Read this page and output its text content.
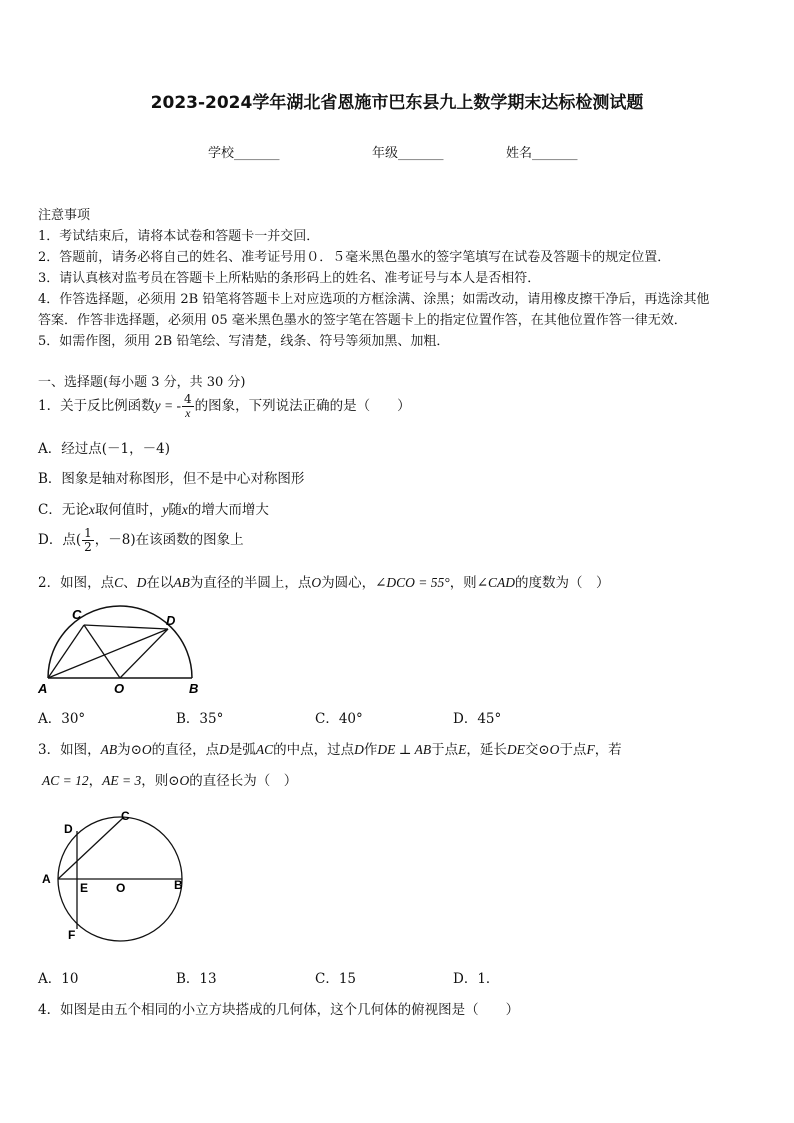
2023-2024学年湖北省恩施市巴东县九上数学期末达标检测试题
学校_______	年级_______	姓名_______
注意事项
1．考试结束后，请将本试卷和答题卡一并交回．
2．答题前，请务必将自己的姓名、准考证号用０．５毫米黑色墨水的签字笔填写在试卷及答题卡的规定位置．
3．请认真核对监考员在答题卡上所粘贴的条形码上的姓名、准考证号与本人是否相符．
4．作答选择题，必须用 2B 铅笔将答题卡上对应选项的方框涂满、涂黑；如需改动，请用橡皮擦干净后，再选涂其他
答案．作答非选择题，必须用 05 毫米黑色墨水的签字笔在答题卡上的指定位置作答，在其他位置作答一律无效．
5．如需作图，须用 2B 铅笔绘、写清楚，线条、符号等须加黑、加粗．
一、选择题(每小题 3 分，共 30 分)
1．关于反比例函数y = - $\frac{4}{x}$ 的图象，下列说法正确的是（　　）
A．经过点(－1，－4)
B．图象是轴对称图形，但不是中心对称图形
C．无论x取何值时，y随x的增大而增大
D．点( $\frac{1}{2}$ ，－8)在该函数的图象上
2．如图，点C、D在以AB为直径的半圆上，点O为圆心，∠DCO = 55°，则∠CAD的度数为（　）
A	B
C	D
O
A．30°	B．35°	C．40°	D．45°
3．如图，AB为⊙O的直径，点D是弧AC的中点，过点D作DE ⊥ AB于点E，延长DE交⊙O于点F，若
AC = 12，AE = 3，则⊙O的直径长为（　）
D
C
A
E O	B
F
A．10	B．13	C．15	D．1．
4．如图是由五个相同的小立方块搭成的几何体，这个几何体的俯视图是（　　）
